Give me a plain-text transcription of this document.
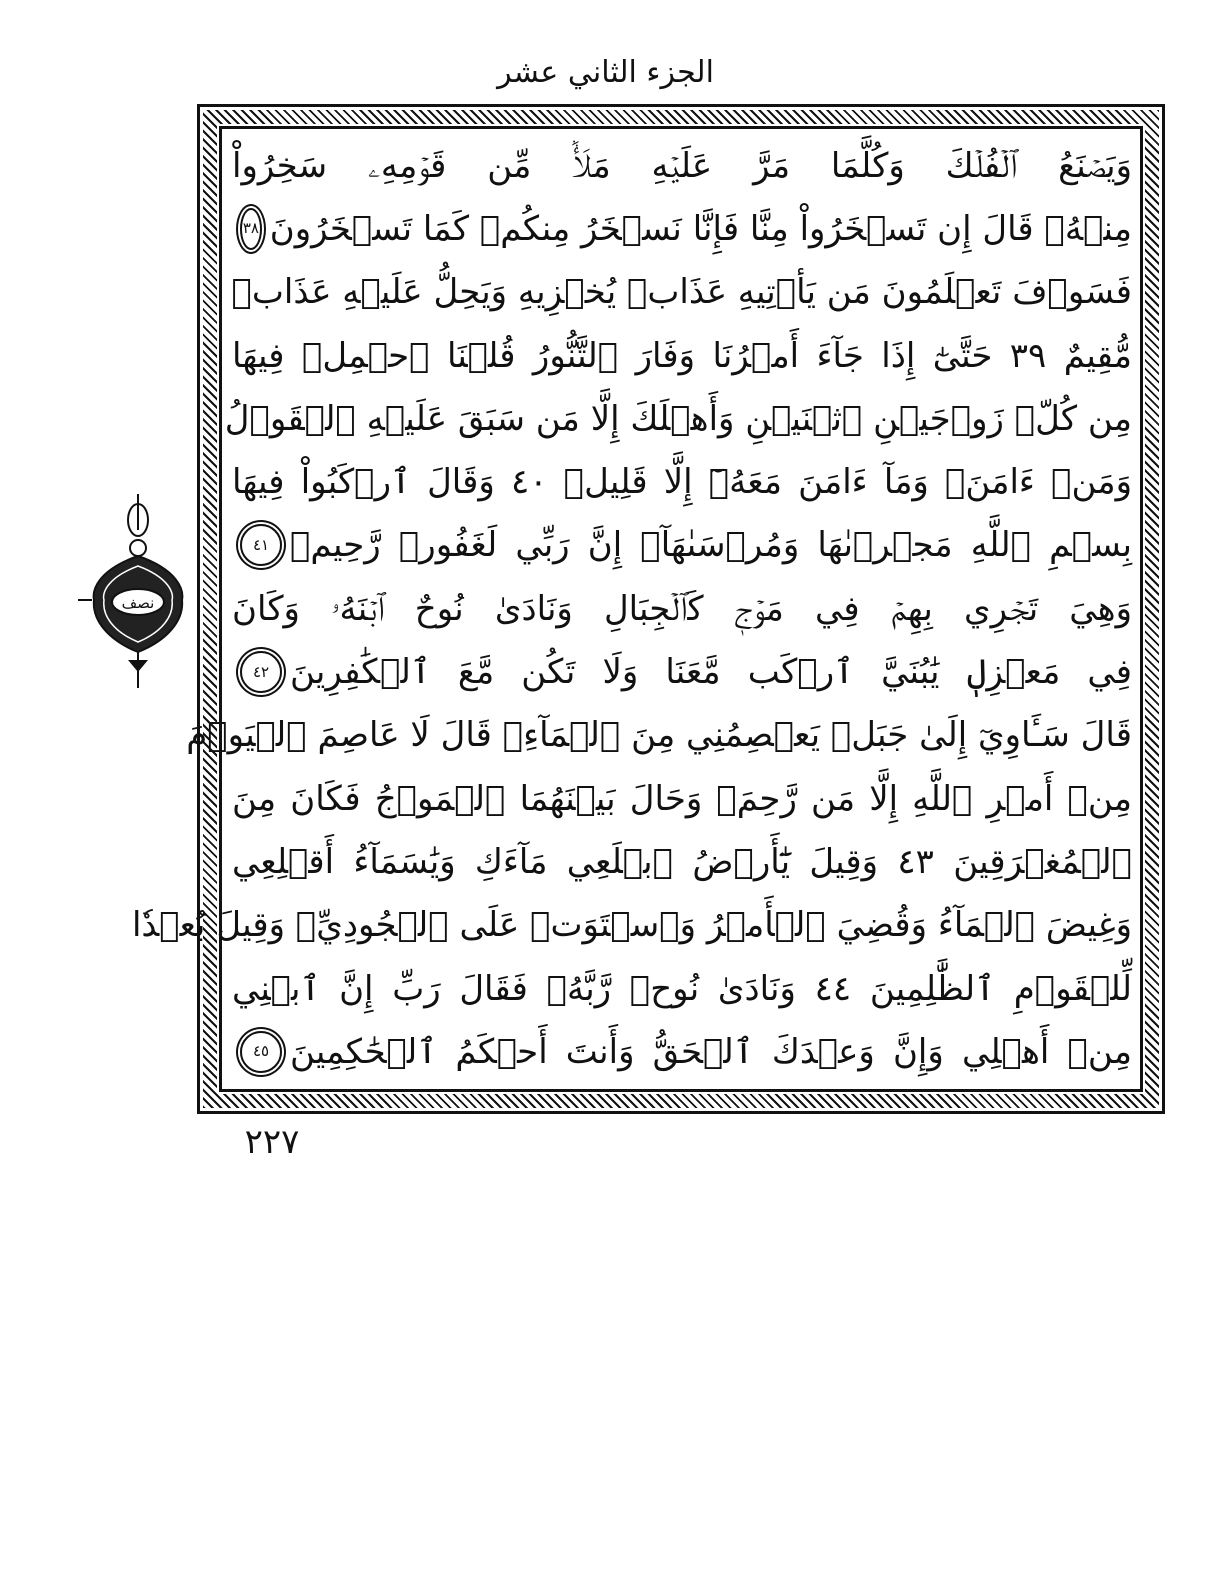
الجزء الثاني عشر
نصف
وَيَصۡنَعُ ٱلۡفُلۡكَ وَكُلَّمَا مَرَّ عَلَيۡهِ مَلَأٞ مِّن قَوۡمِهِۦ سَخِرُواْ
مِنۡهُۚ قَالَ إِن تَسۡخَرُواْ مِنَّا فَإِنَّا نَسۡخَرُ مِنكُمۡ كَمَا تَسۡخَرُونَ
٣٨
فَسَوۡفَ تَعۡلَمُونَ مَن يَأۡتِيهِ عَذَابٞ يُخۡزِيهِ وَيَحِلُّ عَلَيۡهِ عَذَابٞ
مُّقِيمٌ ٣٩ حَتَّىٰٓ إِذَا جَآءَ أَمۡرُنَا وَفَارَ ٱلتَّنُّورُ قُلۡنَا ٱحۡمِلۡ فِيهَا
مِن كُلّٖ زَوۡجَيۡنِ ٱثۡنَيۡنِ وَأَهۡلَكَ إِلَّا مَن سَبَقَ عَلَيۡهِ ٱلۡقَوۡلُ
وَمَنۡ ءَامَنَۚ وَمَآ ءَامَنَ مَعَهُۥٓ إِلَّا قَلِيلٞ ٤٠ وَقَالَ ٱرۡكَبُواْ فِيهَا
بِسۡمِ ٱللَّهِ مَجۡر۪ىٰهَا وَمُرۡسَىٰهَآۚ إِنَّ رَبِّي لَغَفُورٞ رَّحِيمٞ
٤١
وَهِيَ تَجۡرِي بِهِمۡ فِي مَوۡجٖ كَٱلۡجِبَالِ وَنَادَىٰ نُوحٌ ٱبۡنَهُۥ وَكَانَ
فِي مَعۡزِلٖ يَٰبُنَيَّ ٱرۡكَب مَّعَنَا وَلَا تَكُن مَّعَ ٱلۡكَٰفِرِينَ
٤٢
قَالَ سَـَٔاوِيٓ إِلَىٰ جَبَلٖ يَعۡصِمُنِي مِنَ ٱلۡمَآءِۚ قَالَ لَا عَاصِمَ ٱلۡيَوۡمَ
مِنۡ أَمۡرِ ٱللَّهِ إِلَّا مَن رَّحِمَۚ وَحَالَ بَيۡنَهُمَا ٱلۡمَوۡجُ فَكَانَ مِنَ
ٱلۡمُغۡرَقِينَ ٤٣ وَقِيلَ يَٰٓأَرۡضُ ٱبۡلَعِي مَآءَكِ وَيَٰسَمَآءُ أَقۡلِعِي
وَغِيضَ ٱلۡمَآءُ وَقُضِيَ ٱلۡأَمۡرُ وَٱسۡتَوَتۡ عَلَى ٱلۡجُودِيِّۖ وَقِيلَ بُعۡدٗا
لِّلۡقَوۡمِ ٱلظَّٰلِمِينَ ٤٤ وَنَادَىٰ نُوحٞ رَّبَّهُۥ فَقَالَ رَبِّ إِنَّ ٱبۡنِي
مِنۡ أَهۡلِي وَإِنَّ وَعۡدَكَ ٱلۡحَقُّ وَأَنتَ أَحۡكَمُ ٱلۡحَٰكِمِينَ
٤٥
٢٢٧
